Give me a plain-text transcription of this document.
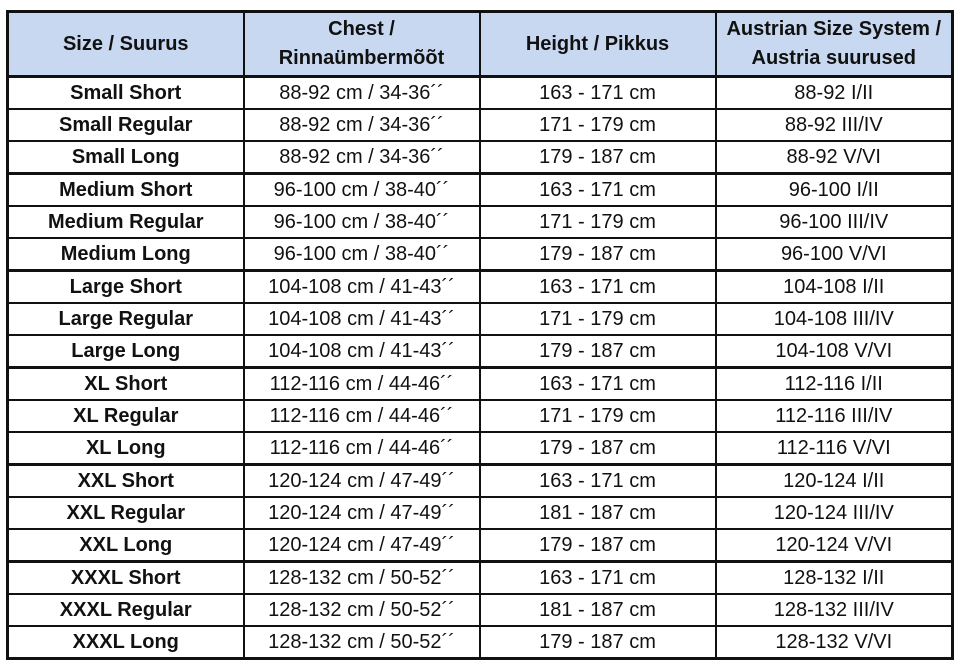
Size / Suurus	Chest / Rinnaümbermõõt	Height / Pikkus	Austrian Size System / Austria suurused
Small Short	88-92 cm / 34-36´´	163 - 171 cm	88-92 I/II
Small Regular	88-92 cm / 34-36´´	171 - 179 cm	88-92 III/IV
Small Long	88-92 cm / 34-36´´	179 - 187 cm	88-92 V/VI
Medium Short	96-100 cm / 38-40´´	163 - 171 cm	96-100 I/II
Medium Regular	96-100 cm / 38-40´´	171 - 179 cm	96-100 III/IV
Medium Long	96-100 cm / 38-40´´	179 - 187 cm	96-100 V/VI
Large Short	104-108 cm / 41-43´´	163 - 171 cm	104-108 I/II
Large Regular	104-108 cm / 41-43´´	171 - 179 cm	104-108 III/IV
Large Long	104-108 cm / 41-43´´	179 - 187 cm	104-108 V/VI
XL Short	112-116 cm / 44-46´´	163 - 171 cm	112-116 I/II
XL Regular	112-116 cm / 44-46´´	171 - 179 cm	112-116 III/IV
XL Long	112-116 cm / 44-46´´	179 - 187 cm	112-116 V/VI
XXL Short	120-124 cm / 47-49´´	163 - 171 cm	120-124 I/II
XXL Regular	120-124 cm / 47-49´´	181 - 187 cm	120-124 III/IV
XXL Long	120-124 cm / 47-49´´	179 - 187 cm	120-124 V/VI
XXXL Short	128-132 cm / 50-52´´	163 - 171 cm	128-132 I/II
XXXL Regular	128-132 cm / 50-52´´	181 - 187 cm	128-132 III/IV
XXXL Long	128-132 cm / 50-52´´	179 - 187 cm	128-132 V/VI
